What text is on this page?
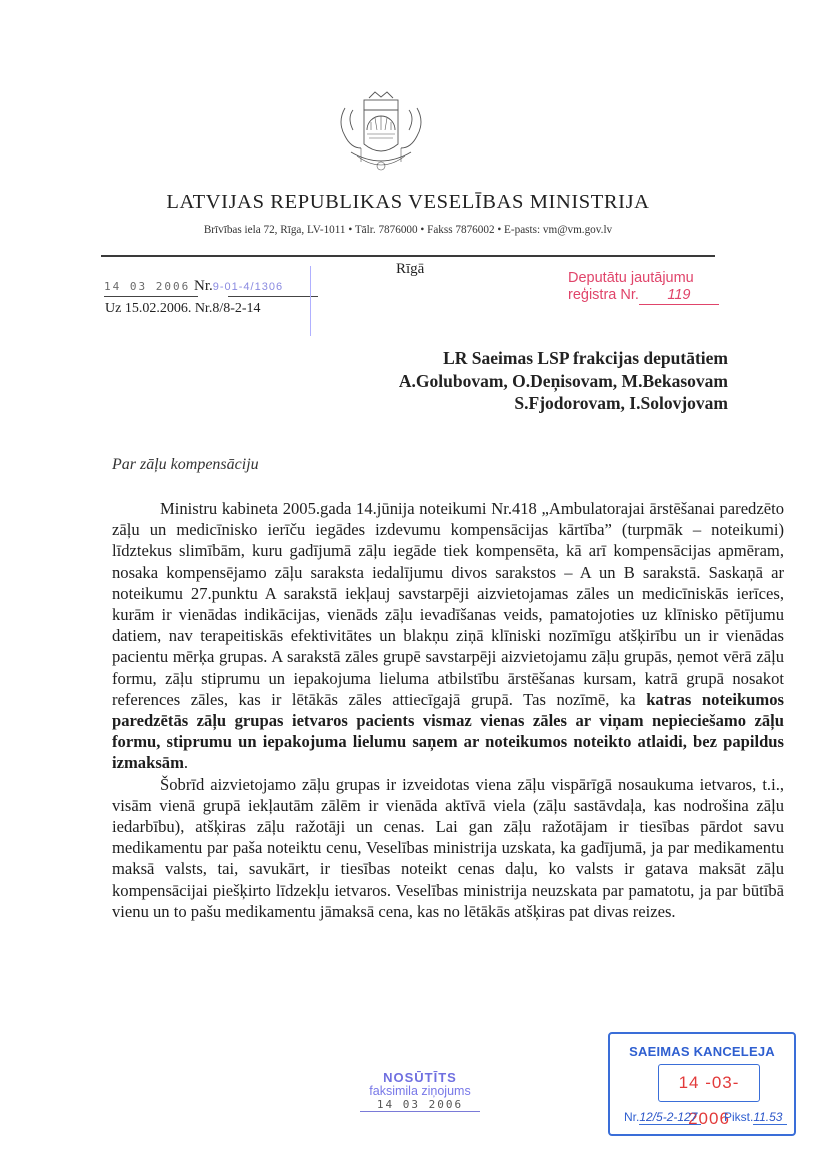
LATVIJAS REPUBLIKAS VESELĪBAS MINISTRIJA
Brīvības iela 72, Rīga, LV-1011 • Tālr. 7876000 • Fakss 7876002 • E-pasts: vm@vm.gov.lv
Rīgā
14 03 2006 Nr.9-01-4/1306
Uz 15.02.2006. Nr.8/8-2-14
Deputātu jautājumu
reģistra Nr. 119
LR Saeimas LSP frakcijas deputātiem
A.Golubovam, O.Deņisovam, M.Bekasovam
S.Fjodorovam, I.Solovjovam
Par zāļu kompensāciju

Ministru kabineta 2005.gada 14.jūnija noteikumi Nr.418 „Ambulatorajai ārstēšanai paredzēto zāļu un medicīnisko ierīču iegādes izdevumu kompensācijas kārtība” (turpmāk – noteikumi) līdztekus slimībām, kuru gadījumā zāļu iegāde tiek kompensēta, kā arī kompensācijas apmēram, nosaka kompensējamo zāļu saraksta iedalījumu divos sarakstos – A un B sarakstā. Saskaņā ar noteikumu 27.punktu A sarakstā iekļauj savstarpēji aizvietojamas zāles un medicīniskās ierīces, kurām ir vienādas indikācijas, vienāds zāļu ievadīšanas veids, pamatojoties uz klīnisko pētījumu datiem, nav terapeitiskās efektivitātes un blakņu ziņā klīniski nozīmīgu atšķirību un ir vienādas pacientu mērķa grupas. A sarakstā zāles grupē savstarpēji aizvietojamu zāļu grupās, ņemot vērā zāļu formu, zāļu stiprumu un iepakojuma lieluma atbilstību ārstēšanas kursam, katrā grupā nosakot references zāles, kas ir lētākās zāles attiecīgajā grupā. Tas nozīmē, ka katras noteikumos paredzētās zāļu grupas ietvaros pacients vismaz vienas zāles ar viņam nepieciešamo zāļu formu, stiprumu un iepakojuma lielumu saņem ar noteikumos noteikto atlaidi, bez papildus izmaksām.

Šobrīd aizvietojamo zāļu grupas ir izveidotas viena zāļu vispārīgā nosaukuma ietvaros, t.i., visām vienā grupā iekļautām zālēm ir vienāda aktīvā viela (zāļu sastāvdaļa, kas nodrošina zāļu iedarbību), atšķiras zāļu ražotāji un cenas. Lai gan zāļu ražotājam ir tiesības pārdot savu medikamentu par paša noteiktu cenu, Veselības ministrija uzskata, ka gadījumā, ja par medikamentu maksā valsts, tai, savukārt, ir tiesības noteikt cenas daļu, ko valsts ir gatava maksāt zāļu kompensācijai piešķirto līdzekļu ietvaros. Veselības ministrija neuzskata par pamatotu, ja par būtībā vienu un to pašu medikamentu jāmaksā cena, kas no lētākās atšķiras pat divas reizes.

NOSŪTĪTS
faksimila ziņojums
14 03 2006
SAEIMAS KANCELEJA
14 -03- 2006
Nr.12/5-2-127	Pikst.11.53
